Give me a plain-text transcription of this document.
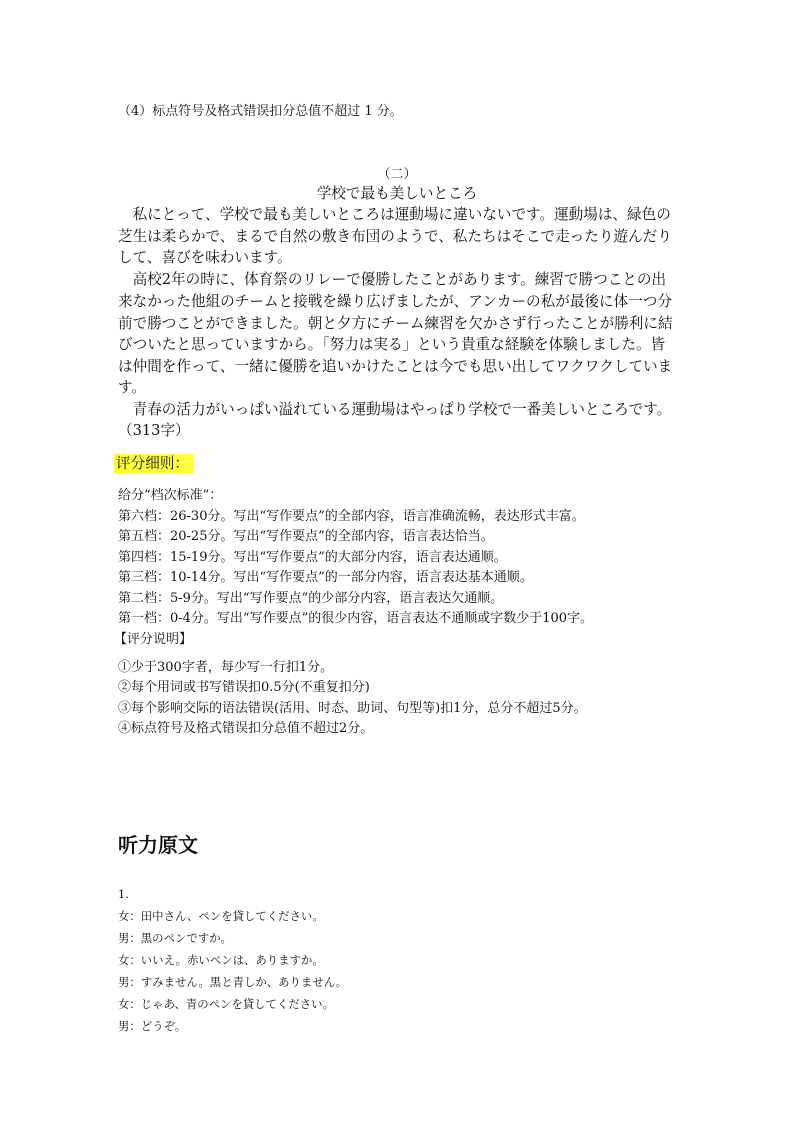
（4）标点符号及格式错误扣分总值不超过 1 分。
（二）
学校で最も美しいところ
　私にとって、学校で最も美しいところは運動場に違いないです。運動場は、緑色の
芝生は柔らかで、まるで自然の敷き布団のようで、私たちはそこで走ったり遊んだり
して、喜びを味わいます。
　高校2年の時に、体育祭のリレーで優勝したことがあります。練習で勝つことの出
来なかった他組のチームと接戦を繰り広げましたが、アンカーの私が最後に体一つ分
前で勝つことができました。朝と夕方にチーム練習を欠かさず行ったことが勝利に結
びついたと思っていますから。「努力は実る」という貴重な経験を体験しました。皆
は仲間を作って、一緒に優勝を追いかけたことは今でも思い出してワクワクしていま
す。
　青春の活力がいっぱい溢れている運動場はやっぱり学校で一番美しいところです。
（313字）
评分细则：
给分“档次标准”：
第六档：26-30分。写出“写作要点”的全部内容，语言准确流畅，表达形式丰富。
第五档：20-25分。写出“写作要点”的全部内容，语言表达恰当。
第四档：15-19分。写出“写作要点”的大部分内容，语言表达通顺。
第三档：10-14分。写出“写作要点”的一部分内容，语言表达基本通顺。
第二档：5-9分。写出“写作要点”的少部分内容，语言表达欠通顺。
第一档：0-4分。写出“写作要点”的很少内容，语言表达不通顺或字数少于100字。
【评分说明】
①少于300字者，每少写一行扣1分。
②每个用词或书写错误扣0.5分(不重复扣分)
③每个影响交际的语法错误(活用、时态、助词、句型等)扣1分，总分不超过5分。
④标点符号及格式错误扣分总值不超过2分。
听力原文
1.
女：田中さん、ペンを貸してください。
男：黒のペンですか。
女：いいえ。赤いペンは、ありますか。
男：すみません。黒と青しか、ありません。
女：じゃあ、青のペンを貸してください。
男：どうぞ。
